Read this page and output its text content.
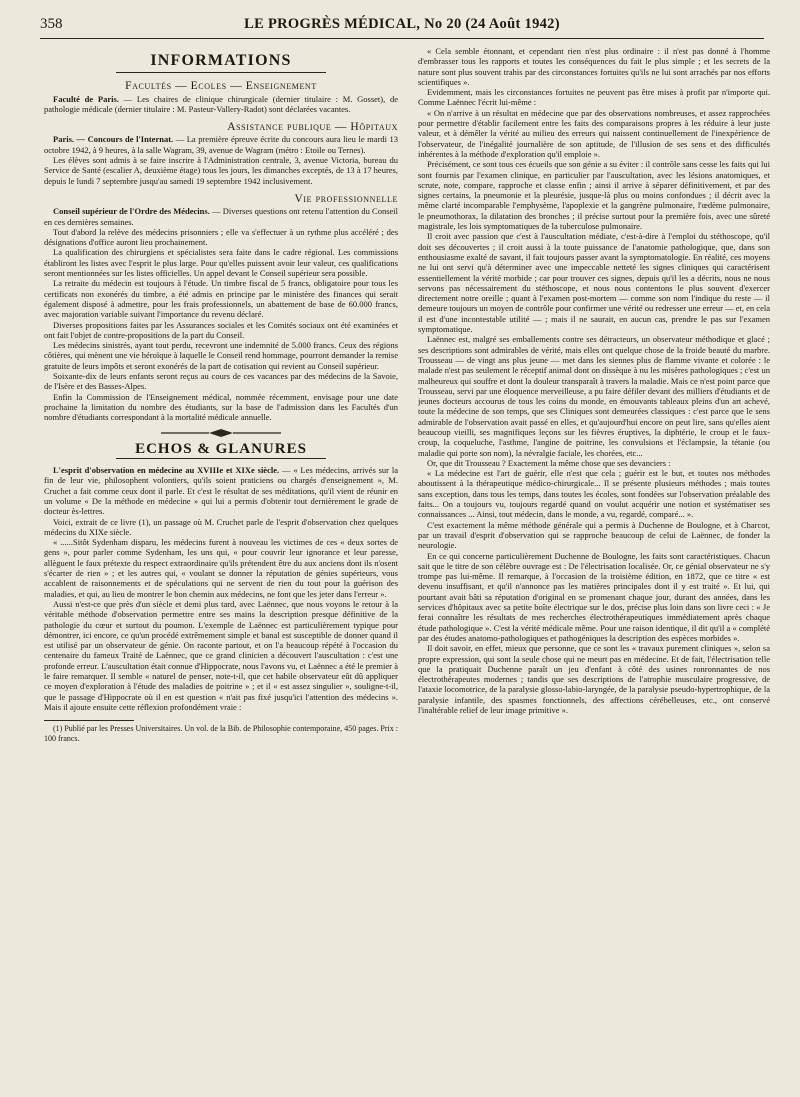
358	LE PROGRÈS MÉDICAL, No 20 (24 Août 1942)
INFORMATIONS
Facultés — Ecoles — Enseignement

Faculté de Paris. — Les chaires de clinique chirurgicale (dernier titulaire : M. Gosset), de pathologie médicale (dernier titulaire : M. Pasteur-Vallery-Radot) sont déclarées vacantes.

Assistance publique — Hôpitaux

Paris. — Concours de l'Internat. — La première épreuve écrite du concours aura lieu le mardi 13 octobre 1942, à 9 heures, à la salle Wagram, 39, avenue de Wagram (métro : Etoile ou Ternes).

Les élèves sont admis à se faire inscrire à l'Administration centrale, 3, avenue Victoria, bureau du Service de Santé (escalier A, deuxième étage) tous les jours, les dimanches exceptés, de 13 à 17 heures, depuis le lundi 7 septembre jusqu'au samedi 19 septembre 1942 inclusivement.

Vie professionnelle

Conseil supérieur de l'Ordre des Médecins. — Diverses questions ont retenu l'attention du Conseil en ces dernières semaines.

Tout d'abord la relève des médecins prisonniers ; elle va s'effectuer à un rythme plus accéléré ; des désignations d'office auront lieu prochainement.

La qualification des chirurgiens et spécialistes sera faite dans le cadre régional. Les commissions établiront les listes avec l'esprit le plus large. Pour qu'elles puissent avoir leur valeur, ces qualifications seront mentionnées sur les listes officielles. Un appel devant le Conseil supérieur sera possible.

La retraite du médecin est toujours à l'étude. Un timbre fiscal de 5 francs, obligatoire pour tous les certificats non exonérés du timbre, a été admis en principe par le ministère des finances qui serait également disposé à admettre, pour les frais professionnels, un abattement de base de 60.000 francs, avec majoration variable suivant l'importance du revenu déclaré.

Diverses propositions faites par les Assurances sociales et les Comités sociaux ont été examinées et ont fait l'objet de contre-propositions de la part du Conseil.

Les médecins sinistrés, ayant tout perdu, recevront une indemnité de 5.000 francs. Ceux des régions côtières, qui mènent une vie héroïque à laquelle le Conseil rend hommage, pourront demander la remise gratuite de leurs impôts et seront exonérés de la part de cotisation qui revient au Conseil supérieur.

Soixante-dix de leurs enfants seront reçus au cours de ces vacances par des médecins de la Savoie, de l'Isère et des Basses-Alpes.

Enfin la Commission de l'Enseignement médical, nommée récemment, envisage pour une date prochaine la limitation du nombre des étudiants, sur la base de l'admission dans les Facultés d'un nombre d'étudiants correspondant à la mortalité médicale annuelle.

ECHOS & GLANURES

L'esprit d'observation en médecine au XVIIIe et XIXe siècle. — « Les médecins, arrivés sur la fin de leur vie, philosophent volontiers, qu'ils soient praticiens ou chargés d'enseignement », M. Cruchet a fait comme ceux dont il parle. Et c'est le résultat de ses méditations, qu'il vient de réunir en un volume « De la méthode en médecine » qui lui a permis d'obtenir tout dernièrement le grade de docteur ès-lettres.

Voici, extrait de ce livre (1), un passage où M. Cruchet parle de l'esprit d'observation chez quelques médecins du XIXe siècle.

« ......Sitôt Sydenham disparu, les médecins furent à nouveau les victimes de ces « deux sortes de gens », pour parler comme Sydenham, les uns qui, « pour couvrir leur ignorance et leur paresse, allèguent le faux prétexte du respect extraordinaire qu'ils prétendent être du aux anciens dont ils n'osent s'écarter de rien » ; et les autres qui, « voulant se donner la réputation de génies supérieurs, vous accablent de raisonnements et de spéculations qui ne servent de rien du tout pour la guérison des maladies, et qui, au lieu de montrer le bon chemin aux médecins, ne font que les jeter dans l'erreur ».

Aussi n'est-ce que près d'un siècle et demi plus tard, avec Laënnec, que nous voyons le retour à la véritable méthode d'observation permettre entre ses mains la description presque définitive de la pathologie du cœur et surtout du poumon. L'exemple de Laënnec est particulièrement typique pour démontrer, ici encore, ce qu'un procédé extrêmement simple et banal est susceptible de donner quand il est utilisé par un observateur de génie. On raconte partout, et on l'a beaucoup répété à l'occasion du centenaire du fameux Traité de Laënnec, que ce grand clinicien a découvert l'auscultation : c'est une profonde erreur. L'auscultation était connue d'Hippocrate, nous l'avons vu, et Laënnec a été le premier à le faire remarquer. Il semble « naturel de penser, note-t-il, que cet habile observateur eût dû appliquer ce moyen d'exploration à l'étude des maladies de poitrine » ; et il « est assez singulier », souligne-t-il, que le passage d'Hippocrate où il en est question « n'ait pas fixé jusqu'ici l'attention des médecins ». Mais il ajoute ensuite cette réflexion profondément vraie :

(1) Publié par les Presses Universitaires. Un vol. de la Bib. de Philosophie contemporaine, 450 pages. Prix : 100 francs.

« Cela semble étonnant, et cependant rien n'est plus ordinaire : il n'est pas donné à l'homme d'embrasser tous les rapports et toutes les conséquences du fait le plus simple ; et les secrets de la nature sont plus souvent trahis par des circonstances fortuites qu'ils ne lui sont arrachés par nos efforts scientifiques ».

Evidemment, mais les circonstances fortuites ne peuvent pas être mises à profit par n'importe qui. Comme Laënnec l'écrit lui-même :

« On n'arrive à un résultat en médecine que par des observations nombreuses, et assez rapprochées pour permettre d'établir facilement entre les faits des comparaisons propres à les réduire à leur juste valeur, et à démêler la vérité au milieu des erreurs qui naissent continuellement de l'inexpérience de l'observateur, de l'inégalité journalière de son aptitude, de l'illusion de ses sens et des difficultés inhérentes à la méthode d'exploration qu'il emploie ».

Précisément, ce sont tous ces écueils que son génie a su éviter : il contrôle sans cesse les faits qui lui sont fournis par l'examen clinique, en particulier par l'auscultation, avec les lésions anatomiques, et scrute, note, compare, rapproche et classe enfin ; ainsi il arrive à séparer définitivement, et par des signes certains, la pneumonie et la pleurésie, jusque-là plus ou moins confondues ; il décrit avec la même clarté incomparable l'emphysème, l'apoplexie et la gangrène pulmonaire, l'œdème pulmonaire, le pneumothorax, la dilatation des bronches ; il précise surtout pour la première fois, avec une sûreté magistrale, les lois symptomatiques de la tuberculose pulmonaire.

Il croit avec passion que c'est à l'auscultation médiate, c'est-à-dire à l'emploi du stéthoscope, qu'il doit ses découvertes ; il croit aussi à la toute puissance de l'anatomie pathologique, que, dans son enthousiasme exalté de savant, il fait toujours passer avant la symptomatologie. En réalité, ces moyens ne lui ont servi qu'à déterminer avec une impeccable netteté les signes cliniques qui caractérisent essentiellement la vérité morbide ; car pour trouver ces signes, depuis qu'il les a décrits, nous ne nous servons pas nécessairement du stéthoscope, et nous nous contentons le plus souvent d'exercer directement notre oreille ; quant à l'examen post-mortem — comme son nom l'indique du reste — il demeure toujours un moyen de contrôle pour confirmer une vérité ou redresser une erreur — et, en cela il est d'une incontestable utilité — ; mais il ne saurait, en aucun cas, prendre le pas sur l'examen symptomatique.

Laënnec est, malgré ses emballements contre ses détracteurs, un observateur méthodique et glacé ; ses descriptions sont admirables de vérité, mais elles ont quelque chose de la froide beauté du marbre. Trousseau — de vingt ans plus jeune — met dans les siennes plus de flamme vivante et colorée : le malade n'est pas seulement le réceptif animal dont on dissèque à nu les misères pathologiques ; c'est un malheureux qui souffre et dont la douleur transparaît à travers la maladie. Mais ce n'est point parce que Trousseau, servi par une éloquence merveilleuse, a pu faire défiler devant des milliers d'étudiants et de jeunes docteurs accourus de tous les coins du monde, en émouvants tableaux pleins d'un art achevé, toute la médecine de son temps, que ses Cliniques sont demeurées classiques : c'est parce que le sens admirable de l'observation avait passé en elles, et qu'aujourd'hui encore on peut lire, sans qu'elles aient beaucoup vieilli, ses magnifiques leçons sur les fièvres éruptives, la diphtérie, le croup et le faux-croup, la coqueluche, l'asthme, l'angine de poitrine, les convulsions et l'éclampsie, la tétanie (ou maladie qui porte son nom), la névralgie faciale, les chorées, etc...

Or, que dit Trousseau ? Exactement la même chose que ses devanciers :

« La médecine est l'art de guérir, elle n'est que cela ; guérir est le but, et toutes nos méthodes aboutissent à la thérapeutique médico-chirurgicale... Il se présente plusieurs méthodes ; mais toutes sans exception, dans tous les temps, dans toutes les écoles, sont fondées sur l'observation préalable des faits... On a toujours vu, toujours regardé quand on voulut acquérir une notion et systématiser ses connaissances ... Ainsi, tout médecin, dans le monde, a vu, regardé, comparé... ».

C'est exactement la même méthode générale qui a permis à Duchenne de Boulogne, et à Charcot, par un travail d'esprit d'observation qui se rapproche beaucoup de celui de Laënnec, de fonder la neurologie.

En ce qui concerne particulièrement Duchenne de Boulogne, les faits sont caractéristiques. Chacun sait que le titre de son célèbre ouvrage est : De l'électrisation localisée. Or, ce génial observateur ne s'y trompe pas lui-même. Il remarque, à l'occasion de la troisième édition, en 1872, que ce titre « est devenu insuffisant, et qu'il n'annonce pas les matières principales dont il y est traité ». Et lui, qui pourtant avait bâti sa réputation d'original en se promenant chaque jour, durant des années, dans les services d'hôpitaux avec sa petite boîte électrique sur le dos, précise plus loin dans son livre ceci : « Je ferai connaître les résultats de mes recherches électrothérapeutiques immédiatement après chaque étude pathologique ». C'est la vérité médicale même. Pour une raison identique, il dit qu'il a « complété par des études anatomo-pathologiques et pathogéniques la description des espèces morbides ».

Il doit savoir, en effet, mieux que personne, que ce sont les « travaux purement cliniques », selon sa propre expression, qui sont la seule chose qui ne meurt pas en médecine. Et de fait, l'électrisation telle que la pratiquait Duchenne paraît un jeu d'enfant à côté des usines ronronnantes de nos électrothérapeutes modernes ; tandis que ses descriptions de l'atrophie musculaire progressive, de l'ataxie locomotrice, de la paralysie glosso-labio-laryngée, de la paralysie pseudo-hypertrophique, de la paralysie infantile, des spasmes fonctionnels, des affections cérébelleuses, etc., ont conservé l'inaltérable relief de leur image primitive ».
